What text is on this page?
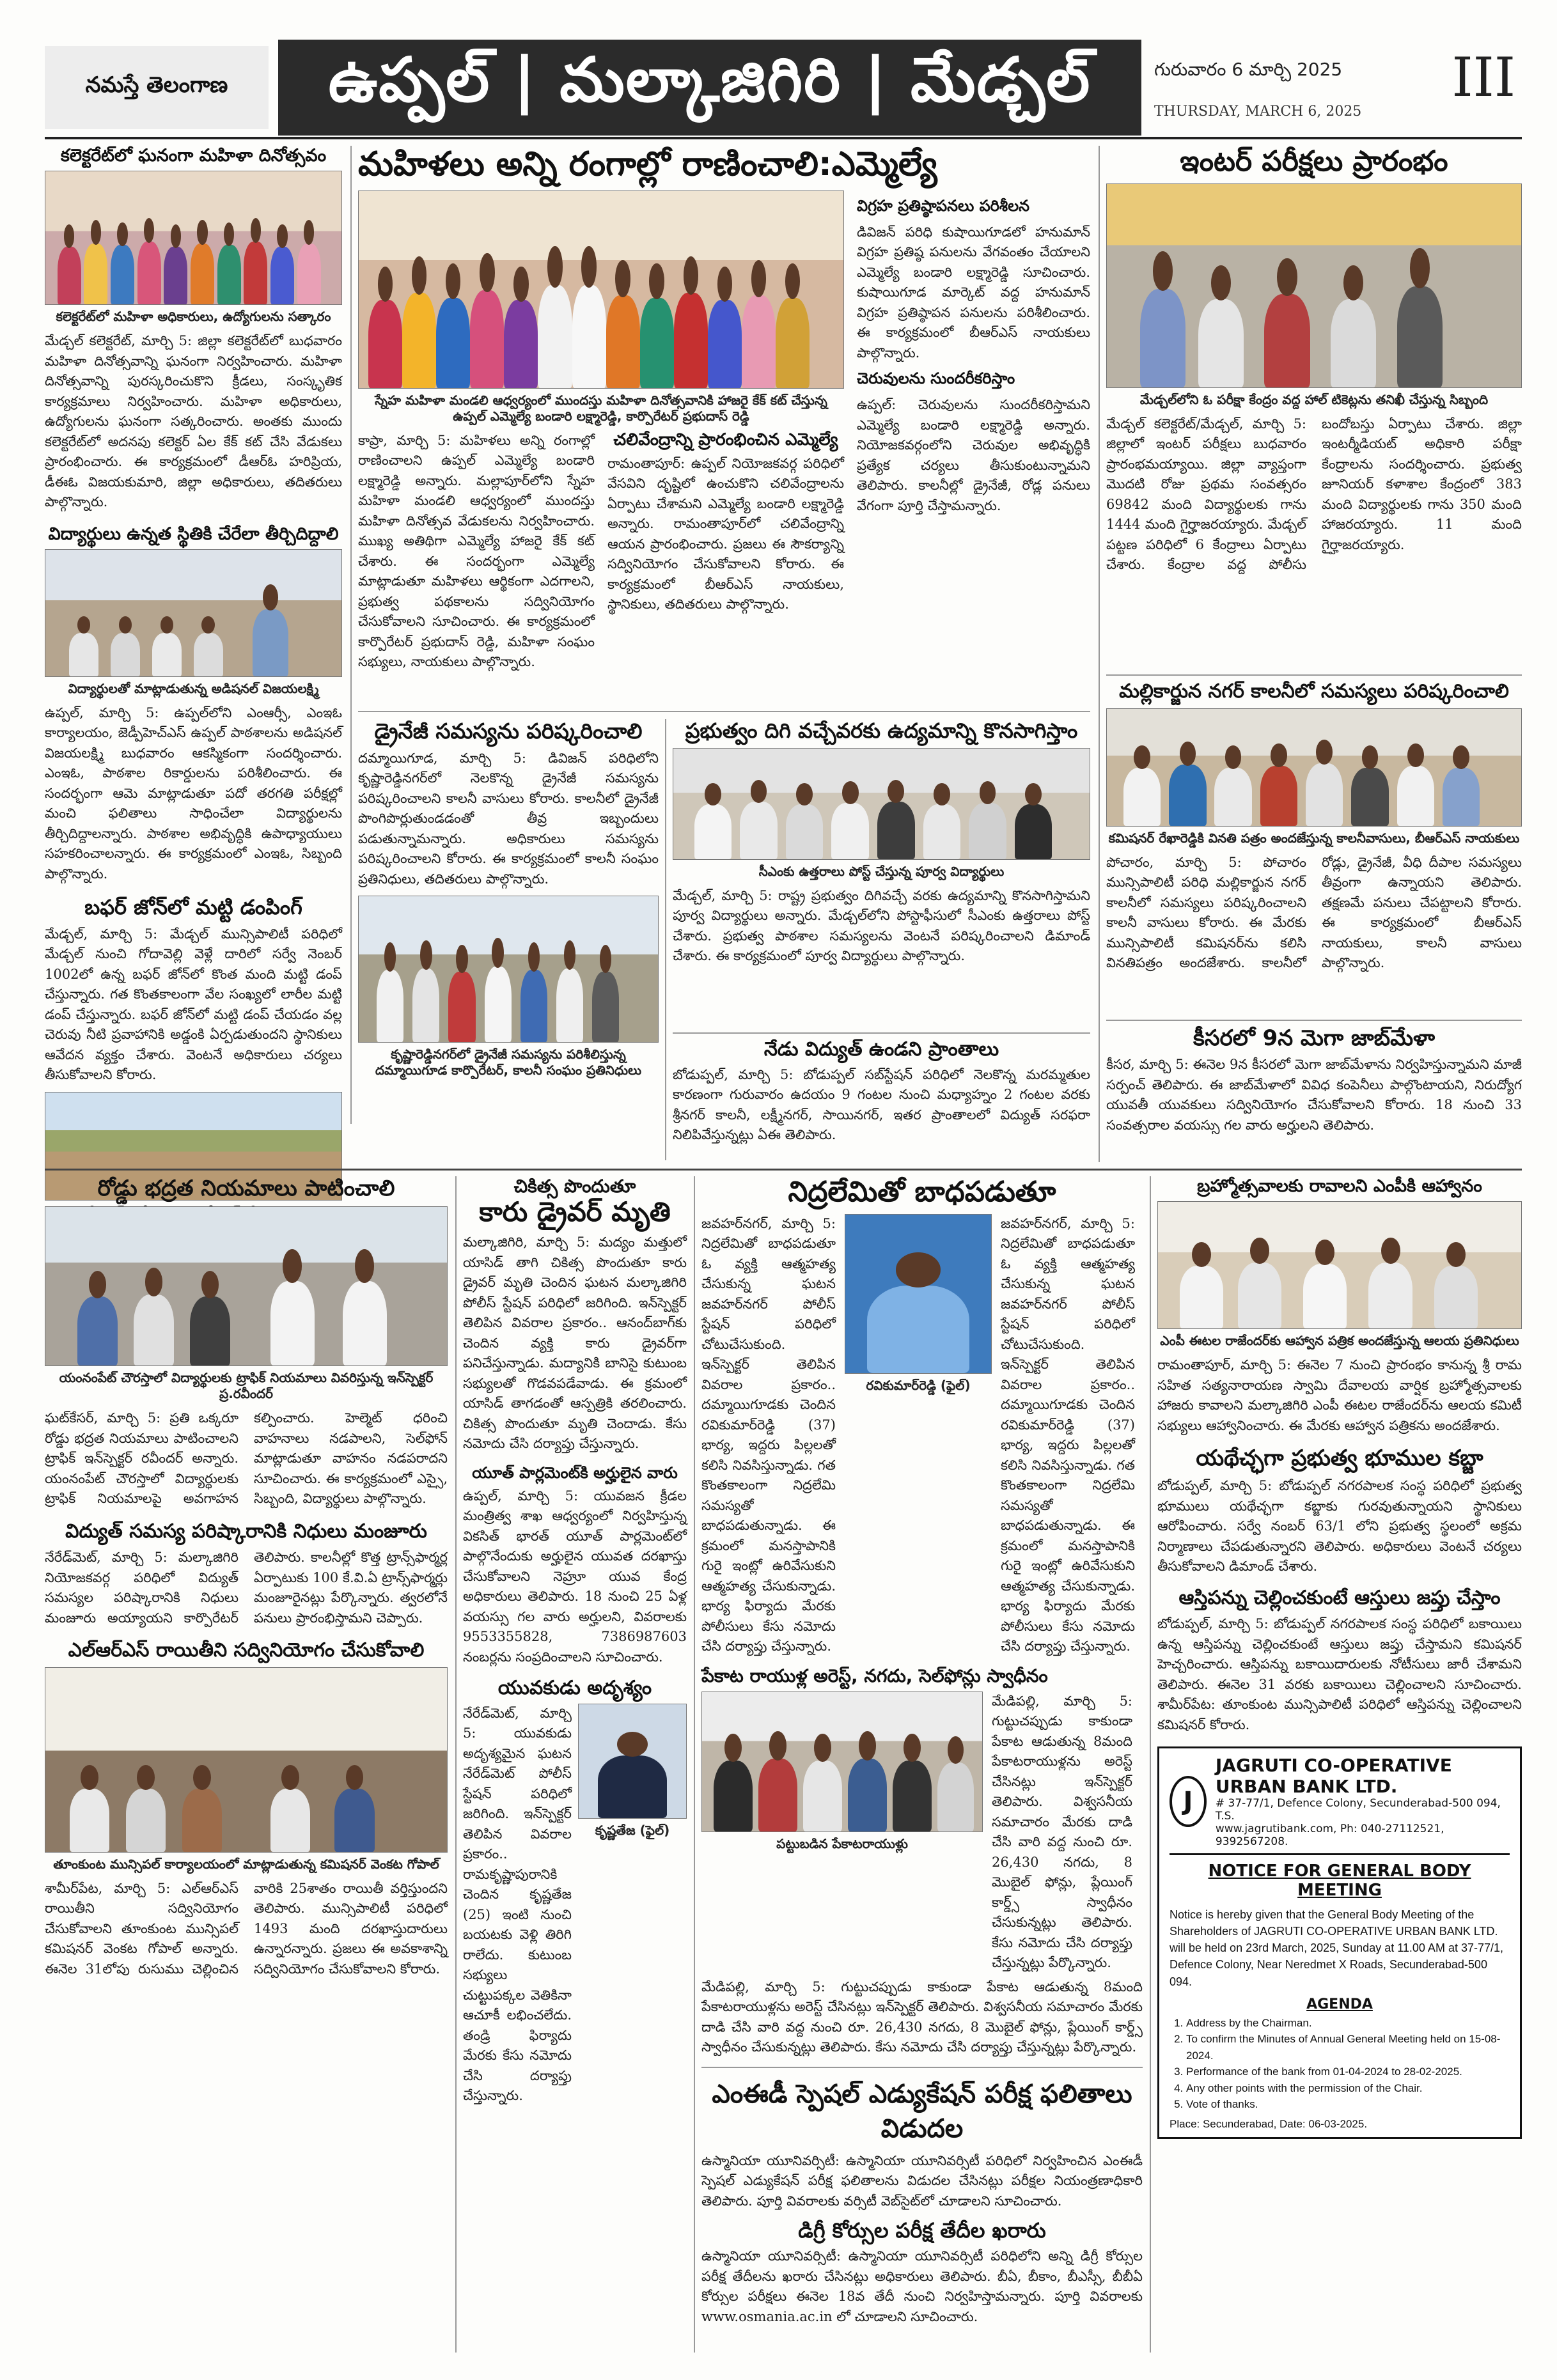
నమస్తే తెలంగాణ	ఉప్పల్ | మల్కాజిగిరి | మేడ్చల్	గురువారం 6 మార్చి 2025
THURSDAY, MARCH 6, 2025
III
కలెక్టరేట్‌లో ఘనంగా మహిళా దినోత్సవం
కలెక్టరేట్‌లో మహిళా అధికారులు, ఉద్యోగులను సత్కారం
మేడ్చల్ కలెక్టరేట్, మార్చి 5: జిల్లా కలెక్టరేట్‌లో బుధవారం మహిళా దినోత్సవాన్ని ఘనంగా నిర్వహించారు. మహిళా దినోత్సవాన్ని పురస్కరించుకొని క్రీడలు, సంస్కృతిక కార్యక్రమాలు నిర్వహించారు. మహిళా అధికారులు, ఉద్యోగులను ఘనంగా సత్కరించారు. అంతకు ముందు కలెక్టరేట్‌లో అదనపు కలెక్టర్ ఏల కేక్ కట్ చేసి వేడుకలు ప్రారంభించారు. ఈ కార్యక్రమంలో డీఆర్‌ఓ హరిప్రియ, డీఈఓ విజయకుమారి, జిల్లా అధికారులు, తదితరులు పాల్గొన్నారు.
విద్యార్థులు ఉన్నత స్థితికి చేరేలా తీర్చిదిద్దాలి
విద్యార్థులతో మాట్లాడుతున్న అడిషనల్ విజయలక్ష్మి
ఉప్పల్, మార్చి 5: ఉప్పల్‌లోని ఎంఆర్సీ, ఎంఇఓ కార్యాలయం, జెడ్పీహెచ్‌ఎస్ ఉప్పల్ పాఠశాలను అడిషనల్ విజయలక్ష్మి బుధవారం ఆకస్మికంగా సందర్శించారు. ఎంఇఓ, పాఠశాల రికార్డులను పరిశీలించారు. ఈ సందర్భంగా ఆమె మాట్లాడుతూ పదో తరగతి పరీక్షల్లో మంచి ఫలితాలు సాధించేలా విద్యార్థులను తీర్చిదిద్దాలన్నారు. పాఠశాల అభివృద్ధికి ఉపాధ్యాయులు సహకరించాలన్నారు. ఈ కార్యక్రమంలో ఎంఇఓ, సిబ్బంది పాల్గొన్నారు.
బఫర్ జోన్‌లో మట్టి డంపింగ్
మేడ్చల్, మార్చి 5: మేడ్చల్ మున్సిపాలిటీ పరిధిలో మేడ్చల్ నుంచి గోదావెల్లి వెళ్లే దారిలో సర్వే నెంబర్ 1002లో ఉన్న బఫర్ జోన్‌లో కొంత మంది మట్టి డంప్ చేస్తున్నారు. గత కొంతకాలంగా వేల సంఖ్యలో లారీల మట్టి డంప్ చేస్తున్నారు. బఫర్ జోన్‌లో మట్టి డంప్ చేయడం వల్ల చెరువు నీటి ప్రవాహానికి అడ్డంకి ఏర్పడుతుందని స్థానికులు ఆవేదన వ్యక్తం చేశారు. వెంటనే అధికారులు చర్యలు తీసుకోవాలని కోరారు.
మహిళలు అన్ని రంగాల్లో రాణించాలి:ఎమ్మెల్యే
స్నేహ మహిళా మండలి ఆధ్వర్యంలో ముందస్తు మహిళా దినోత్సవానికి హాజరై కేక్ కట్ చేస్తున్న ఉప్పల్ ఎమ్మెల్యే బండారి లక్ష్మారెడ్డి, కార్పొరేటర్ ప్రభుదాస్ రెడ్డి
కాప్రా, మార్చి 5: మహిళలు అన్ని రంగాల్లో రాణించాలని ఉప్పల్ ఎమ్మెల్యే బండారి లక్ష్మారెడ్డి అన్నారు. మల్లాపూర్‌లోని స్నేహ మహిళా మండలి ఆధ్వర్యంలో ముందస్తు మహిళా దినోత్సవ వేడుకలను నిర్వహించారు. ముఖ్య అతిథిగా ఎమ్మెల్యే హాజరై కేక్ కట్ చేశారు. ఈ సందర్భంగా ఎమ్మెల్యే మాట్లాడుతూ మహిళలు ఆర్థికంగా ఎదగాలని, ప్రభుత్వ పథకాలను సద్వినియోగం చేసుకోవాలని సూచించారు. ఈ కార్యక్రమంలో కార్పొరేటర్ ప్రభుదాస్ రెడ్డి, మహిళా సంఘం సభ్యులు, నాయకులు పాల్గొన్నారు.
చలివేంద్రాన్ని ప్రారంభించిన ఎమ్మెల్యే
రామంతాపూర్: ఉప్పల్ నియోజకవర్గ పరిధిలో వేసవిని దృష్టిలో ఉంచుకొని చలివేంద్రాలను ఏర్పాటు చేశామని ఎమ్మెల్యే బండారి లక్ష్మారెడ్డి అన్నారు. రామంతాపూర్‌లో చలివేంద్రాన్ని ఆయన ప్రారంభించారు. ప్రజలు ఈ సౌకర్యాన్ని సద్వినియోగం చేసుకోవాలని కోరారు. ఈ కార్యక్రమంలో బీఆర్‌ఎస్ నాయకులు, స్థానికులు, తదితరులు పాల్గొన్నారు.
విగ్రహ ప్రతిష్ఠాపనలు పరిశీలన
డివిజన్ పరిధి కుషాయిగూడలో హనుమాన్ విగ్రహ ప్రతిష్ఠ పనులను వేగవంతం చేయాలని ఎమ్మెల్యే బండారి లక్ష్మారెడ్డి సూచించారు. కుషాయిగూడ మార్కెట్ వద్ద హనుమాన్ విగ్రహ ప్రతిష్ఠాపన పనులను పరిశీలించారు. ఈ కార్యక్రమంలో బీఆర్‌ఎస్ నాయకులు పాల్గొన్నారు.
చెరువులను సుందరీకరిస్తాం
ఉప్పల్: చెరువులను సుందరీకరిస్తామని ఎమ్మెల్యే బండారి లక్ష్మారెడ్డి అన్నారు. నియోజకవర్గంలోని చెరువుల అభివృద్ధికి ప్రత్యేక చర్యలు తీసుకుంటున్నామని తెలిపారు. కాలనీల్లో డ్రైనేజీ, రోడ్ల పనులు వేగంగా పూర్తి చేస్తామన్నారు.
డ్రైనేజీ సమస్యను పరిష్కరించాలి
దమ్మాయిగూడ, మార్చి 5: డివిజన్ పరిధిలోని కృష్ణారెడ్డినగర్‌లో నెలకొన్న డ్రైనేజీ సమస్యను పరిష్కరించాలని కాలనీ వాసులు కోరారు. కాలనీలో డ్రైనేజీ పొంగిపొర్లుతుండడంతో తీవ్ర ఇబ్బందులు పడుతున్నామన్నారు. అధికారులు సమస్యను పరిష్కరించాలని కోరారు. ఈ కార్యక్రమంలో కాలనీ సంఘం ప్రతినిధులు, తదితరులు పాల్గొన్నారు.
కృష్ణారెడ్డినగర్‌లో డ్రైనేజీ సమస్యను పరిశీలిస్తున్న దమ్మాయిగూడ కార్పొరేటర్, కాలనీ సంఘం ప్రతినిధులు
ప్రభుత్వం దిగి వచ్చేవరకు ఉద్యమాన్ని కొనసాగిస్తాం
సీఎంకు ఉత్తరాలు పోస్ట్ చేస్తున్న పూర్వ విద్యార్థులు
మేడ్చల్, మార్చి 5: రాష్ట్ర ప్రభుత్వం దిగివచ్చే వరకు ఉద్యమాన్ని కొనసాగిస్తామని పూర్వ విద్యార్థులు అన్నారు. మేడ్చల్‌లోని పోస్టాఫీసులో సీఎంకు ఉత్తరాలు పోస్ట్ చేశారు. ప్రభుత్వ పాఠశాల సమస్యలను వెంటనే పరిష్కరించాలని డిమాండ్ చేశారు. ఈ కార్యక్రమంలో పూర్వ విద్యార్థులు పాల్గొన్నారు.
నేడు విద్యుత్ ఉండని ప్రాంతాలు
బోడుప్పల్, మార్చి 5: బోడుప్పల్ సబ్‌స్టేషన్ పరిధిలో నెలకొన్న మరమ్మతుల కారణంగా గురువారం ఉదయం 9 గంటల నుంచి మధ్యాహ్నం 2 గంటల వరకు శ్రీనగర్ కాలనీ, లక్ష్మీనగర్, సాయినగర్, ఇతర ప్రాంతాలలో విద్యుత్ సరఫరా నిలిపివేస్తున్నట్లు ఏఈ తెలిపారు.
ఇంటర్ పరీక్షలు ప్రారంభం
మేడ్చల్‌లోని ఓ పరీక్షా కేంద్రం వద్ద హాల్ టికెట్లను తనిఖీ చేస్తున్న సిబ్బంది
మేడ్చల్ కలెక్టరేట్/మేడ్చల్, మార్చి 5: జిల్లాలో ఇంటర్ పరీక్షలు బుధవారం ప్రారంభమయ్యాయి. జిల్లా వ్యాప్తంగా మొదటి రోజు ప్రథమ సంవత్సరం 69842 మంది విద్యార్థులకు గాను 1444 మంది గైర్హాజరయ్యారు. మేడ్చల్ పట్టణ పరిధిలో 6 కేంద్రాలు ఏర్పాటు చేశారు. కేంద్రాల వద్ద పోలీసు బందోబస్తు ఏర్పాటు చేశారు. జిల్లా ఇంటర్మీడియట్ అధికారి పరీక్షా కేంద్రాలను సందర్శించారు. ప్రభుత్వ జూనియర్ కళాశాల కేంద్రంలో 383 మంది విద్యార్థులకు గాను 350 మంది హాజరయ్యారు. 11 మంది గైర్హాజరయ్యారు.
మల్లికార్జున నగర్ కాలనీలో సమస్యలు పరిష్కరించాలి
కమిషనర్ రేఖారెడ్డికి వినతి పత్రం అందజేస్తున్న కాలనీవాసులు, బీఆర్‌ఎస్ నాయకులు
పోచారం, మార్చి 5: పోచారం మున్సిపాలిటీ పరిధి మల్లికార్జున నగర్ కాలనీలో సమస్యలు పరిష్కరించాలని కాలనీ వాసులు కోరారు. ఈ మేరకు మున్సిపాలిటీ కమిషనర్‌ను కలిసి వినతిపత్రం అందజేశారు. కాలనీలో రోడ్లు, డ్రైనేజీ, వీధి దీపాల సమస్యలు తీవ్రంగా ఉన్నాయని తెలిపారు. తక్షణమే పనులు చేపట్టాలని కోరారు. ఈ కార్యక్రమంలో బీఆర్‌ఎస్ నాయకులు, కాలనీ వాసులు పాల్గొన్నారు.
కీసరలో 9న మెగా జాబ్‌మేళా
కీసర, మార్చి 5: ఈనెల 9న కీసరలో మెగా జాబ్‌మేళాను నిర్వహిస్తున్నామని మాజీ సర్పంచ్ తెలిపారు. ఈ జాబ్‌మేళాలో వివిధ కంపెనీలు పాల్గొంటాయని, నిరుద్యోగ యువతీ యువకులు సద్వినియోగం చేసుకోవాలని కోరారు. 18 నుంచి 33 సంవత్సరాల వయస్సు గల వారు అర్హులని తెలిపారు.
రోడ్డు భద్రత నియమాలు పాటించాలి
యంనంపేట్ చౌరస్తాలో విద్యార్థులకు ట్రాఫిక్ నియమాలు వివరిస్తున్న ఇన్‌స్పెక్టర్ ప్ర.రవీందర్
ఘట్‌కేసర్, మార్చి 5: ప్రతి ఒక్కరూ రోడ్డు భద్రత నియమాలు పాటించాలని ట్రాఫిక్ ఇన్‌స్పెక్టర్ రవీందర్ అన్నారు. యంనంపేట్ చౌరస్తాలో విద్యార్థులకు ట్రాఫిక్ నియమాలపై అవగాహన కల్పించారు. హెల్మెట్ ధరించి వాహనాలు నడపాలని, సెల్‌ఫోన్ మాట్లాడుతూ వాహనం నడపరాదని సూచించారు. ఈ కార్యక్రమంలో ఎస్సై, సిబ్బంది, విద్యార్థులు పాల్గొన్నారు.
విద్యుత్ సమస్య పరిష్కారానికి నిధులు మంజూరు
నేరేడ్‌మెట్, మార్చి 5: మల్కాజిగిరి నియోజకవర్గ పరిధిలో విద్యుత్ సమస్యల పరిష్కారానికి నిధులు మంజూరు అయ్యాయని కార్పొరేటర్ తెలిపారు. కాలనీల్లో కొత్త ట్రాన్స్‌ఫార్మర్ల ఏర్పాటుకు 100 కే.వి.ఏ ట్రాన్స్‌ఫార్మర్లు మంజూరైనట్లు పేర్కొన్నారు. త్వరలోనే పనులు ప్రారంభిస్తామని చెప్పారు.
ఎల్ఆర్ఎస్ రాయితీని సద్వినియోగం చేసుకోవాలి
తూంకుంట మున్సిపల్ కార్యాలయంలో మాట్లాడుతున్న కమిషనర్ వెంకట గోపాల్
శామీర్‌పేట, మార్చి 5: ఎల్ఆర్ఎస్ రాయితీని సద్వినియోగం చేసుకోవాలని తూంకుంట మున్సిపల్ కమిషనర్ వెంకట గోపాల్ అన్నారు. ఈనెల 31లోపు రుసుము చెల్లించిన వారికి 25శాతం రాయితీ వర్తిస్తుందని తెలిపారు. మున్సిపాలిటీ పరిధిలో 1493 మంది దరఖాస్తుదారులు ఉన్నారన్నారు. ప్రజలు ఈ అవకాశాన్ని సద్వినియోగం చేసుకోవాలని కోరారు.
చికిత్స పొందుతూ
కారు డ్రైవర్ మృతి
మల్కాజిగిరి, మార్చి 5: మద్యం మత్తులో యాసిడ్ తాగి చికిత్స పొందుతూ కారు డ్రైవర్ మృతి చెందిన ఘటన మల్కాజిగిరి పోలీస్ స్టేషన్ పరిధిలో జరిగింది. ఇన్‌స్పెక్టర్ తెలిపిన వివరాల ప్రకారం.. ఆనంద్‌బాగ్‌కు చెందిన వ్యక్తి కారు డ్రైవర్‌గా పనిచేస్తున్నాడు. మద్యానికి బానిసై కుటుంబ సభ్యులతో గొడవపడేవాడు. ఈ క్రమంలో యాసిడ్ తాగడంతో ఆస్పత్రికి తరలించారు. చికిత్స పొందుతూ మృతి చెందాడు. కేసు నమోదు చేసి దర్యాప్తు చేస్తున్నారు.
యూత్ పార్లమెంట్‌కి అర్హులైన వారు
ఉప్పల్, మార్చి 5: యువజన క్రీడల మంత్రిత్వ శాఖ ఆధ్వర్యంలో నిర్వహిస్తున్న వికసిత్ భారత్ యూత్ పార్లమెంట్‌లో పాల్గొనేందుకు అర్హులైన యువత దరఖాస్తు చేసుకోవాలని నెహ్రూ యువ కేంద్ర అధికారులు తెలిపారు. 18 నుంచి 25 ఏళ్ల వయస్సు గల వారు అర్హులని, వివరాలకు 9553355828, 7386987603 నంబర్లను సంప్రదించాలని సూచించారు.
యువకుడు అదృశ్యం
నేరేడ్‌మెట్, మార్చి 5: యువకుడు అదృశ్యమైన ఘటన నేరేడ్‌మెట్ పోలీస్ స్టేషన్ పరిధిలో జరిగింది. ఇన్‌స్పెక్టర్ తెలిపిన వివరాల ప్రకారం.. రామకృష్ణాపురానికి చెందిన కృష్ణతేజ (25) ఇంటి నుంచి బయటకు వెళ్లి తిరిగి రాలేదు. కుటుంబ సభ్యులు చుట్టుపక్కల వెతికినా ఆచూకీ లభించలేదు. తండ్రి ఫిర్యాదు మేరకు కేసు నమోదు చేసి దర్యాప్తు చేస్తున్నారు.
కృష్ణతేజ (ఫైల్)
నిద్రలేమితో బాధపడుతూ
జవహర్‌నగర్, మార్చి 5: నిద్రలేమితో బాధపడుతూ ఓ వ్యక్తి ఆత్మహత్య చేసుకున్న ఘటన జవహర్‌నగర్ పోలీస్ స్టేషన్ పరిధిలో చోటుచేసుకుంది. ఇన్‌స్పెక్టర్ తెలిపిన వివరాల ప్రకారం.. దమ్మాయిగూడకు చెందిన రవికుమార్‌రెడ్డి (37) భార్య, ఇద్దరు పిల్లలతో కలిసి నివసిస్తున్నాడు. గత కొంతకాలంగా నిద్రలేమి సమస్యతో బాధపడుతున్నాడు. ఈ క్రమంలో మనస్తాపానికి గురై ఇంట్లో ఉరివేసుకుని ఆత్మహత్య చేసుకున్నాడు. భార్య ఫిర్యాదు మేరకు పోలీసులు కేసు నమోదు చేసి దర్యాప్తు చేస్తున్నారు.
రవికుమార్‌రెడ్డి (ఫైల్)
జవహర్‌నగర్, మార్చి 5: నిద్రలేమితో బాధపడుతూ ఓ వ్యక్తి ఆత్మహత్య చేసుకున్న ఘటన జవహర్‌నగర్ పోలీస్ స్టేషన్ పరిధిలో చోటుచేసుకుంది. ఇన్‌స్పెక్టర్ తెలిపిన వివరాల ప్రకారం.. దమ్మాయిగూడకు చెందిన రవికుమార్‌రెడ్డి (37) భార్య, ఇద్దరు పిల్లలతో కలిసి నివసిస్తున్నాడు. గత కొంతకాలంగా నిద్రలేమి సమస్యతో బాధపడుతున్నాడు. ఈ క్రమంలో మనస్తాపానికి గురై ఇంట్లో ఉరివేసుకుని ఆత్మహత్య చేసుకున్నాడు. భార్య ఫిర్యాదు మేరకు పోలీసులు కేసు నమోదు చేసి దర్యాప్తు చేస్తున్నారు.
పేకాట రాయుళ్ల అరెస్ట్, నగదు, సెల్‌ఫోన్లు స్వాధీనం
పట్టుబడిన పేకాటరాయుళ్లు
మేడిపల్లి, మార్చి 5: గుట్టుచప్పుడు కాకుండా పేకాట ఆడుతున్న 8మంది పేకాటరాయుళ్లను అరెస్ట్ చేసినట్లు ఇన్‌స్పెక్టర్ తెలిపారు. విశ్వసనీయ సమాచారం మేరకు దాడి చేసి వారి వద్ద నుంచి రూ. 26,430 నగదు, 8 మొబైల్ ఫోన్లు, ప్లేయింగ్ కార్డ్స్ స్వాధీనం చేసుకున్నట్లు తెలిపారు. కేసు నమోదు చేసి దర్యాప్తు చేస్తున్నట్లు పేర్కొన్నారు.
మేడిపల్లి, మార్చి 5: గుట్టుచప్పుడు కాకుండా పేకాట ఆడుతున్న 8మంది పేకాటరాయుళ్లను అరెస్ట్ చేసినట్లు ఇన్‌స్పెక్టర్ తెలిపారు. విశ్వసనీయ సమాచారం మేరకు దాడి చేసి వారి వద్ద నుంచి రూ. 26,430 నగదు, 8 మొబైల్ ఫోన్లు, ప్లేయింగ్ కార్డ్స్ స్వాధీనం చేసుకున్నట్లు తెలిపారు. కేసు నమోదు చేసి దర్యాప్తు చేస్తున్నట్లు పేర్కొన్నారు.
ఎంఈడీ స్పెషల్ ఎడ్యుకేషన్ పరీక్ష ఫలితాలు విడుదల
ఉస్మానియా యూనివర్సిటీ: ఉస్మానియా యూనివర్సిటీ పరిధిలో నిర్వహించిన ఎంఈడీ స్పెషల్ ఎడ్యుకేషన్ పరీక్ష ఫలితాలను విడుదల చేసినట్లు పరీక్షల నియంత్రణాధికారి తెలిపారు. పూర్తి వివరాలకు వర్సిటీ వెబ్‌సైట్‌లో చూడాలని సూచించారు.
డిగ్రీ కోర్సుల పరీక్ష తేదీల ఖరారు
ఉస్మానియా యూనివర్సిటీ: ఉస్మానియా యూనివర్సిటీ పరిధిలోని అన్ని డిగ్రీ కోర్సుల పరీక్ష తేదీలను ఖరారు చేసినట్లు అధికారులు తెలిపారు. బీఏ, బీకాం, బీఎస్సీ, బీబీఏ కోర్సుల పరీక్షలు ఈనెల 18వ తేదీ నుంచి నిర్వహిస్తామన్నారు. పూర్తి వివరాలకు www.osmania.ac.in లో చూడాలని సూచించారు.
బ్రహ్మోత్సవాలకు రావాలని ఎంపీకి ఆహ్వానం
ఎంపీ ఈటల రాజేందర్‌కు ఆహ్వాన పత్రిక అందజేస్తున్న ఆలయ ప్రతినిధులు
రామంతాపూర్, మార్చి 5: ఈనెల 7 నుంచి ప్రారంభం కానున్న శ్రీ రామ సహిత సత్యనారాయణ స్వామి దేవాలయ వార్షిక బ్రహ్మోత్సవాలకు హాజరు కావాలని మల్కాజిగిరి ఎంపీ ఈటల రాజేందర్‌ను ఆలయ కమిటీ సభ్యులు ఆహ్వానించారు. ఈ మేరకు ఆహ్వాన పత్రికను అందజేశారు.
యథేచ్ఛగా ప్రభుత్వ భూముల కబ్జా
బోడుప్పల్, మార్చి 5: బోడుప్పల్ నగరపాలక సంస్థ పరిధిలో ప్రభుత్వ భూములు యథేచ్ఛగా కబ్జాకు గురవుతున్నాయని స్థానికులు ఆరోపించారు. సర్వే నంబర్ 63/1 లోని ప్రభుత్వ స్థలంలో అక్రమ నిర్మాణాలు చేపడుతున్నారని తెలిపారు. అధికారులు వెంటనే చర్యలు తీసుకోవాలని డిమాండ్ చేశారు.
ఆస్తిపన్ను చెల్లించకుంటే ఆస్తులు జప్తు చేస్తాం
బోడుప్పల్, మార్చి 5: బోడుప్పల్ నగరపాలక సంస్థ పరిధిలో బకాయిలు ఉన్న ఆస్తిపన్ను చెల్లించకుంటే ఆస్తులు జప్తు చేస్తామని కమిషనర్ హెచ్చరించారు. ఆస్తిపన్ను బకాయిదారులకు నోటీసులు జారీ చేశామని తెలిపారు. ఈనెల 31 వరకు బకాయిలు చెల్లించాలని సూచించారు. శామీర్‌పేట: తూంకుంట మున్సిపాలిటీ పరిధిలో ఆస్తిపన్ను చెల్లించాలని కమిషనర్ కోరారు.
J
JAGRUTI CO-OPERATIVE URBAN BANK LTD.
# 37-77/1, Defence Colony, Secunderabad-500 094, T.S.
www.jagrutibank.com, Ph: 040-27112521, 9392567208.
NOTICE FOR GENERAL BODY MEETING
Notice is hereby given that the General Body Meeting of the Shareholders of JAGRUTI CO-OPERATIVE URBAN BANK LTD. will be held on 23rd March, 2025, Sunday at 11.00 AM at 37-77/1, Defence Colony, Near Neredmet X Roads, Secunderabad-500 094.
AGENDA
1. Address by the Chairman.
2. To confirm the Minutes of Annual General Meeting held on 15-08-2024.
3. Performance of the bank from 01-04-2024 to 28-02-2025.
4. Any other points with the permission of the Chair.
5. Vote of thanks.
Place: Secunderabad, Date: 06-03-2025.
